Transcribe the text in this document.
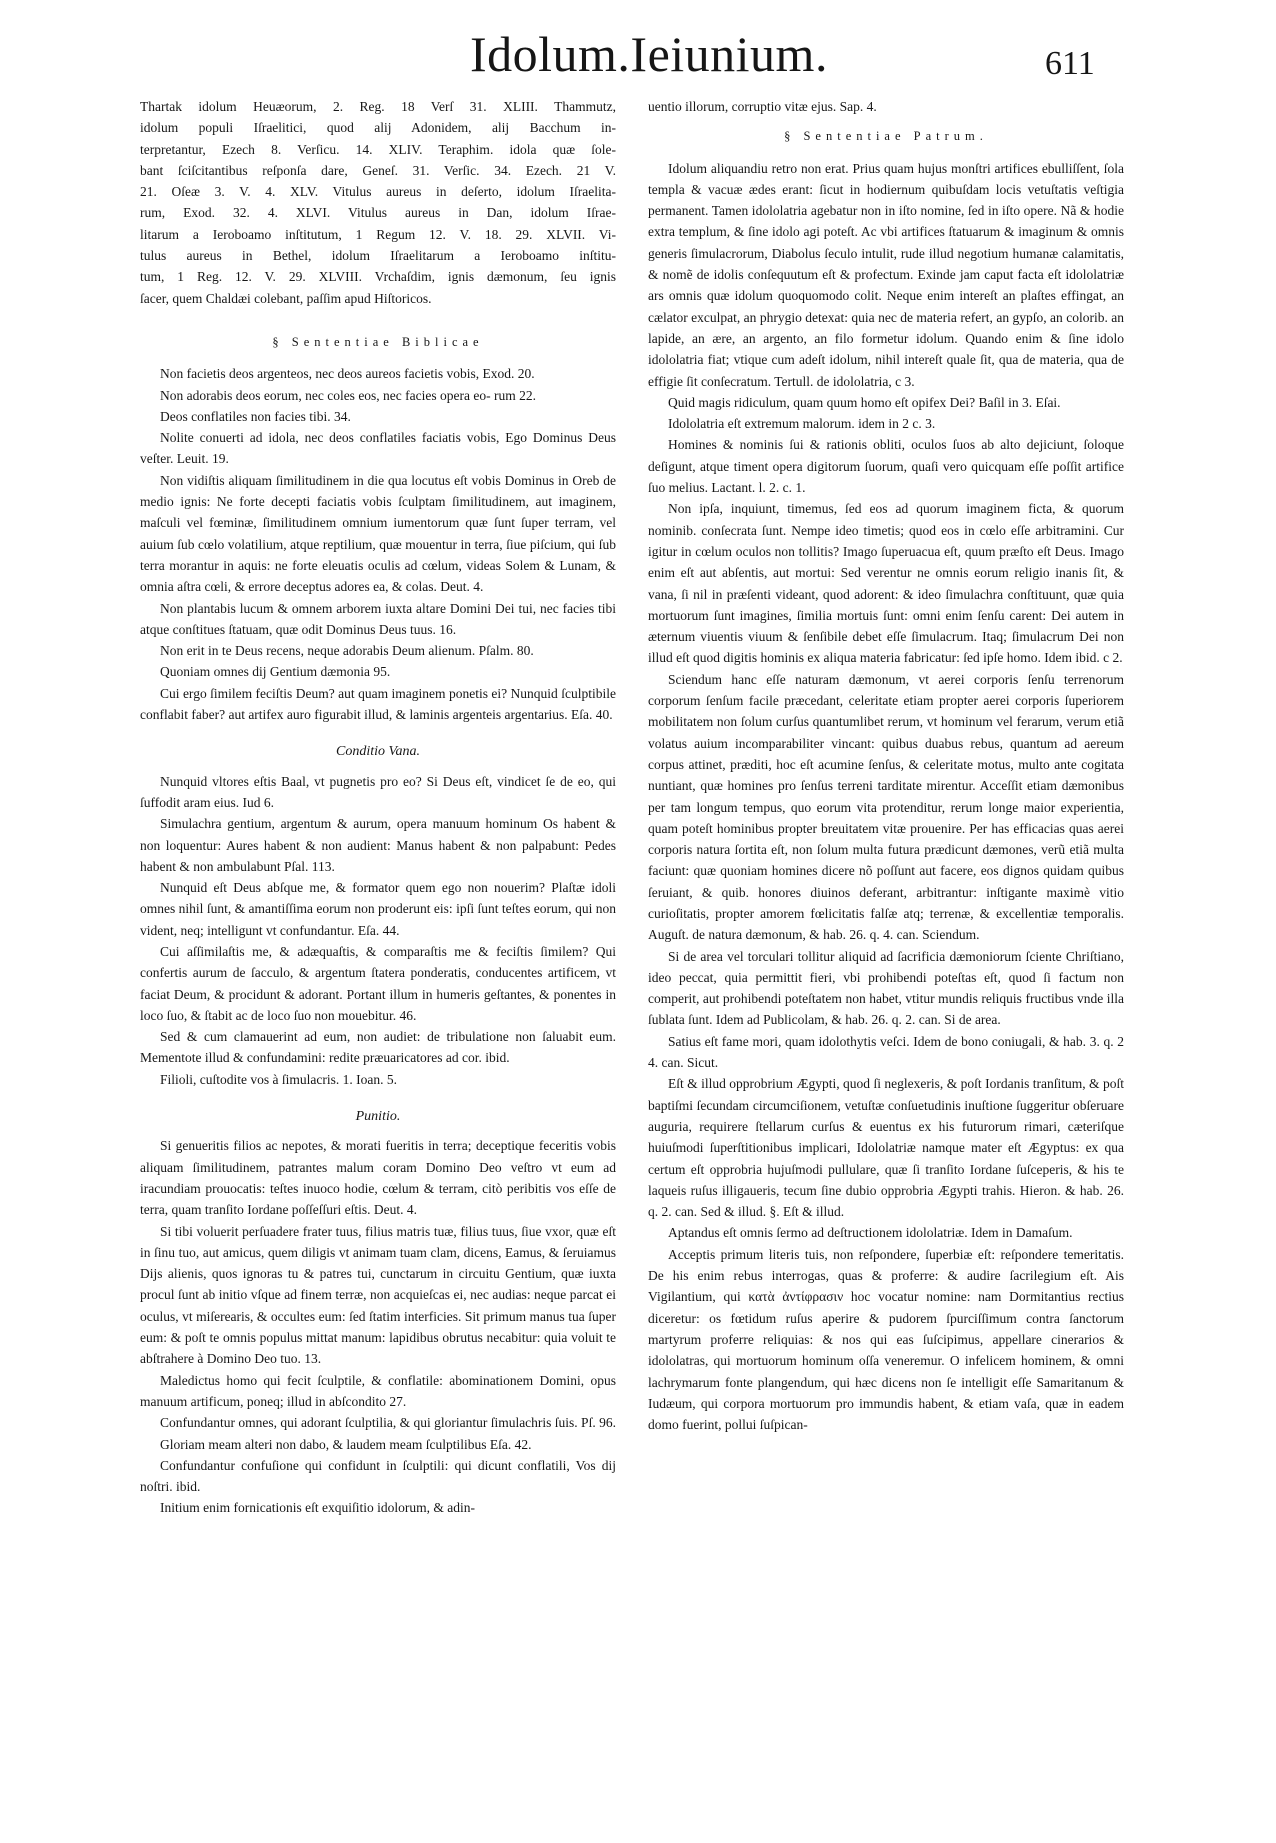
Idolum.Ieiunium.	611

Thartak idolum Heuæorum, 2. Reg. 18 Verſ 31. XLIII. Thammutz,

idolum populi Iſraelitici, quod alij Adonidem, alij Bacchum in-

terpretantur, Ezech 8. Verſicu. 14. XLIV. Teraphim. idola quæ ſole-

bant ſciſcitantibus reſponſa dare, Geneſ. 31. Verſic. 34. Ezech. 21 V.

21. Oſeæ 3. V. 4. XLV. Vitulus aureus in deſerto, idolum Iſraelita-

rum, Exod. 32. 4. XLVI. Vitulus aureus in Dan, idolum Iſrae-

litarum a Ieroboamo inſtitutum, 1 Regum 12. V. 18. 29. XLVII. Vi-

tulus aureus in Bethel, idolum Iſraelitarum a Ieroboamo inſtitu-

tum, 1 Reg. 12. V. 29. XLVIII. Vrchaſdim, ignis dæmonum, ſeu ignis

ſacer, quem Chaldæi colebant, paſſim apud Hiſtoricos.

§ Sententiae Biblicae

Non facietis deos argenteos, nec deos aureos facietis vobis, Exod. 20.

Non adorabis deos eorum, nec coles eos, nec facies opera eo- rum 22.

Deos conflatiles non facies tibi. 34.

Nolite conuerti ad idola, nec deos conflatiles faciatis vobis, Ego Dominus Deus veſter. Leuit. 19.

Non vidiſtis aliquam ſimilitudinem in die qua locutus eſt vobis Dominus in Oreb de medio ignis: Ne forte decepti faciatis vobis ſculptam ſimilitudinem, aut imaginem, maſculi vel fœminæ, ſimilitudinem omnium iumentorum quæ ſunt ſuper terram, vel auium ſub cœlo volatilium, atque reptilium, quæ mouentur in terra, ſiue piſcium, qui ſub terra morantur in aquis: ne forte eleuatis oculis ad cœlum, videas Solem & Lunam, & omnia aſtra cœli, & errore deceptus adores ea, & colas. Deut. 4.

Non plantabis lucum & omnem arborem iuxta altare Domini Dei tui, nec facies tibi atque conſtitues ſtatuam, quæ odit Dominus Deus tuus. 16.

Non erit in te Deus recens, neque adorabis Deum alienum. Pſalm. 80.

Quoniam omnes dij Gentium dæmonia 95.

Cui ergo ſimilem feciſtis Deum? aut quam imaginem ponetis ei? Nunquid ſculptibile conflabit faber? aut artifex auro figurabit illud, & laminis argenteis argentarius. Eſa. 40.

Conditio Vana.

Nunquid vltores eſtis Baal, vt pugnetis pro eo? Si Deus eſt, vindicet ſe de eo, qui ſuffodit aram eius. Iud 6.

Simulachra gentium, argentum & aurum, opera manuum hominum Os habent & non loquentur: Aures habent & non audient: Manus habent & non palpabunt: Pedes habent & non ambulabunt Pſal. 113.

Nunquid eſt Deus abſque me, & formator quem ego non nouerim? Plaſtæ idoli omnes nihil ſunt, & amantiſſima eorum non proderunt eis: ipſi ſunt teſtes eorum, qui non vident, neq; intelligunt vt confundantur. Eſa. 44.

Cui aſſimilaſtis me, & adæquaſtis, & comparaſtis me & feciſtis ſimilem? Qui confertis aurum de ſacculo, & argentum ſtatera ponderatis, conducentes artificem, vt faciat Deum, & procidunt & adorant. Portant illum in humeris geſtantes, & ponentes in loco ſuo, & ſtabit ac de loco ſuo non mouebitur. 46.

Sed & cum clamauerint ad eum, non audiet: de tribulatione non ſaluabit eum. Mementote illud & confundamini: redite præuaricatores ad cor. ibid.

Filioli, cuſtodite vos à ſimulacris. 1. Ioan. 5.

Punitio.

Si genueritis filios ac nepotes, & morati fueritis in terra; deceptique feceritis vobis aliquam ſimilitudinem, patrantes malum coram Domino Deo veſtro vt eum ad iracundiam prouocatis: teſtes inuoco hodie, cœlum & terram, citò peribitis vos eſſe de terra, quam tranſito Iordane poſſeſſuri eſtis. Deut. 4.

Si tibi voluerit perſuadere frater tuus, filius matris tuæ, filius tuus, ſiue vxor, quæ eſt in ſinu tuo, aut amicus, quem diligis vt animam tuam clam, dicens, Eamus, & ſeruiamus Dijs alienis, quos ignoras tu & patres tui, cunctarum in circuitu Gentium, quæ iuxta procul ſunt ab initio vſque ad finem terræ, non acquieſcas ei, nec audias: neque parcat ei oculus, vt miſerearis, & occultes eum: ſed ſtatim interficies. Sit primum manus tua ſuper eum: & poſt te omnis populus mittat manum: lapidibus obrutus necabitur: quia voluit te abſtrahere à Domino Deo tuo. 13.

Maledictus homo qui fecit ſculptile, & conflatile: abominationem Domini, opus manuum artificum, poneq; illud in abſcondito 27.

Confundantur omnes, qui adorant ſculptilia, & qui gloriantur ſimulachris ſuis. Pſ. 96.

Gloriam meam alteri non dabo, & laudem meam ſculptilibus Eſa. 42.

Confundantur confuſione qui confidunt in ſculptili: qui dicunt conflatili, Vos dij noſtri. ibid.

Initium enim fornicationis eſt exquiſitio idolorum, & adin-

uentio illorum, corruptio vitæ ejus. Sap. 4.

§ Sententiae Patrum.

Idolum aliquandiu retro non erat. Prius quam hujus monſtri artifices ebulliſſent, ſola templa & vacuæ ædes erant: ſicut in hodiernum quibuſdam locis vetuſtatis veſtigia permanent. Tamen idololatria agebatur non in iſto nomine, ſed in iſto opere. Nã & hodie extra templum, & ſine idolo agi poteſt. Ac vbi artifices ſtatuarum & imaginum & omnis generis ſimulacrorum, Diabolus ſeculo intulit, rude illud negotium humanæ calamitatis, & nomẽ de idolis conſequutum eſt & profectum. Exinde jam caput facta eſt idololatriæ ars omnis quæ idolum quoquomodo colit. Neque enim intereſt an plaſtes effingat, an cælator exculpat, an phrygio detexat: quia nec de materia refert, an gypſo, an colorib. an lapide, an ære, an argento, an filo formetur idolum. Quando enim & ſine idolo idololatria fiat; vtique cum adeſt idolum, nihil intereſt quale ſit, qua de materia, qua de effigie ſit conſecratum. Tertull. de idololatria, c 3.

Quid magis ridiculum, quam quum homo eſt opifex Dei? Baſil in 3. Eſai.

Idololatria eſt extremum malorum. idem in 2 c. 3.

Homines & nominis ſui & rationis obliti, oculos ſuos ab alto dejiciunt, ſoloque deſigunt, atque timent opera digitorum ſuorum, quaſi vero quicquam eſſe poſſit artifice ſuo melius. Lactant. l. 2. c. 1.

Non ipſa, inquiunt, timemus, ſed eos ad quorum imaginem ficta, & quorum nominib. conſecrata ſunt. Nempe ideo timetis; quod eos in cœlo eſſe arbitramini. Cur igitur in cœlum oculos non tollitis? Imago ſuperuacua eſt, quum præſto eſt Deus. Imago enim eſt aut abſentis, aut mortui: Sed verentur ne omnis eorum religio inanis ſit, & vana, ſi nil in præſenti videant, quod adorent: & ideo ſimulachra conſtituunt, quæ quia mortuorum ſunt imagines, ſimilia mortuis ſunt: omni enim ſenſu carent: Dei autem in æternum viuentis viuum & ſenſibile debet eſſe ſimulacrum. Itaq; ſimulacrum Dei non illud eſt quod digitis hominis ex aliqua materia fabricatur: ſed ipſe homo. Idem ibid. c 2.

Sciendum hanc eſſe naturam dæmonum, vt aerei corporis ſenſu terrenorum corporum ſenſum facile præcedant, celeritate etiam propter aerei corporis ſuperiorem mobilitatem non ſolum curſus quantumlibet rerum, vt hominum vel ferarum, verum etiã volatus auium incomparabiliter vincant: quibus duabus rebus, quantum ad aereum corpus attinet, præditi, hoc eſt acumine ſenſus, & celeritate motus, multo ante cogitata nuntiant, quæ homines pro ſenſus terreni tarditate mirentur. Acceſſit etiam dæmonibus per tam longum tempus, quo eorum vita protenditur, rerum longe maior experientia, quam poteſt hominibus propter breuitatem vitæ prouenire. Per has efficacias quas aerei corporis natura ſortita eſt, non ſolum multa futura prædicunt dæmones, verũ etiã multa faciunt: quæ quoniam homines dicere nõ poſſunt aut facere, eos dignos quidam quibus ſeruiant, & quib. honores diuinos deferant, arbitrantur: inſtigante maximè vitio curioſitatis, propter amorem fœlicitatis falſæ atq; terrenæ, & excellentiæ temporalis. Auguſt. de natura dæmonum, & hab. 26. q. 4. can. Sciendum.

Si de area vel torculari tollitur aliquid ad ſacrificia dæmoniorum ſciente Chriſtiano, ideo peccat, quia permittit fieri, vbi prohibendi poteſtas eſt, quod ſi factum non comperit, aut prohibendi poteſtatem non habet, vtitur mundis reliquis fructibus vnde illa ſublata ſunt. Idem ad Publicolam, & hab. 26. q. 2. can. Si de area.

Satius eſt fame mori, quam idolothytis veſci. Idem de bono coniugali, & hab. 3. q. 2 4. can. Sicut.

Eſt & illud opprobrium Ægypti, quod ſi neglexeris, & poſt Iordanis tranſitum, & poſt baptiſmi ſecundam circumciſionem, vetuſtæ conſuetudinis inuſtione ſuggeritur obſeruare auguria, requirere ſtellarum curſus & euentus ex his futurorum rimari, cæteriſque huiuſmodi ſuperſtitionibus implicari, Idololatriæ namque mater eſt Ægyptus: ex qua certum eſt opprobria hujuſmodi pullulare, quæ ſi tranſito Iordane ſuſceperis, & his te laqueis ruſus illigaueris, tecum ſine dubio opprobria Ægypti trahis. Hieron. & hab. 26. q. 2. can. Sed & illud. §. Eſt & illud.

Aptandus eſt omnis ſermo ad deſtructionem idololatriæ. Idem in Damaſum.

Acceptis primum literis tuis, non reſpondere, ſuperbiæ eſt: reſpondere temeritatis. De his enim rebus interrogas, quas & proferre: & audire ſacrilegium eſt. Ais Vigilantium, qui κατὰ ἀντίφρασιν hoc vocatur nomine: nam Dormitantius rectius diceretur: os fœtidum ruſus aperire & pudorem ſpurciſſimum contra ſanctorum martyrum proferre reliquias: & nos qui eas ſuſcipimus, appellare cinerarios & idololatras, qui mortuorum hominum oſſa veneremur. O infelicem hominem, & omni lachrymarum fonte plangendum, qui hæc dicens non ſe intelligit eſſe Samaritanum & Iudæum, qui corpora mortuorum pro immundis habent, & etiam vaſa, quæ in eadem domo fuerint, pollui ſuſpican-
